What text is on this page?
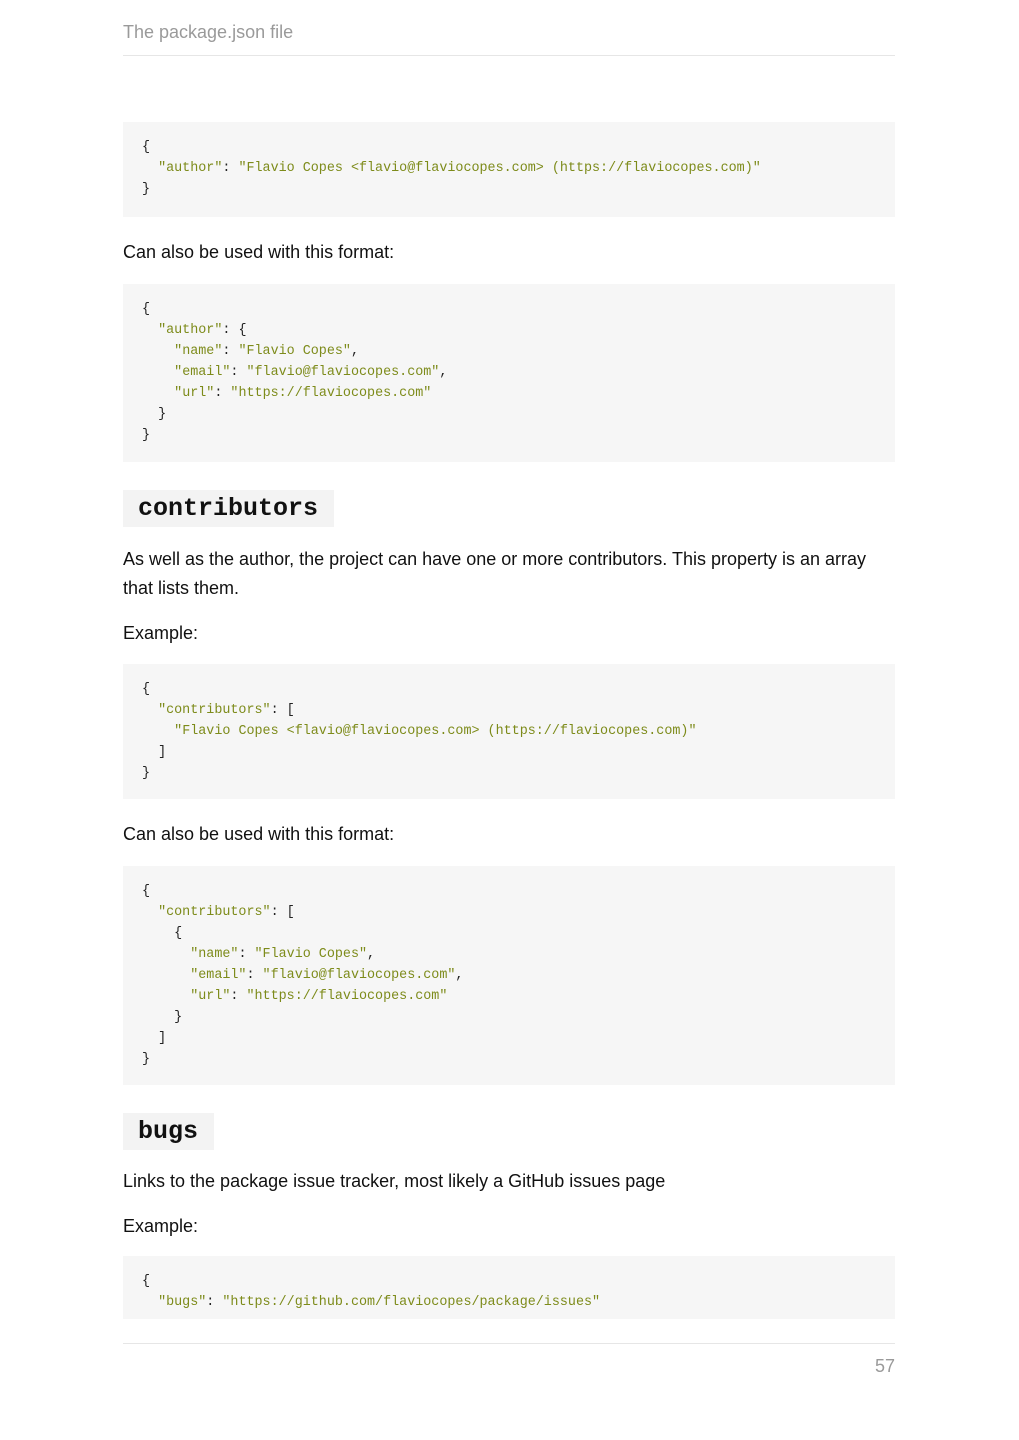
The package.json file
{
"author": "Flavio Copes <flavio@flaviocopes.com> (https://flaviocopes.com)"
}

Can also be used with this format:

{
"author": {
"name": "Flavio Copes",
"email": "flavio@flaviocopes.com",
"url": "https://flaviocopes.com"
}
}
contributors

As well as the author, the project can have one or more contributors. This property is an array that lists them.

Example:

{
"contributors": [
"Flavio Copes <flavio@flaviocopes.com> (https://flaviocopes.com)"
]
}

Can also be used with this format:

{
"contributors": [
{
"name": "Flavio Copes",
"email": "flavio@flaviocopes.com",
"url": "https://flaviocopes.com"
}
]
}
bugs

Links to the package issue tracker, most likely a GitHub issues page

Example:

{
"bugs": "https://github.com/flaviocopes/package/issues"
57
